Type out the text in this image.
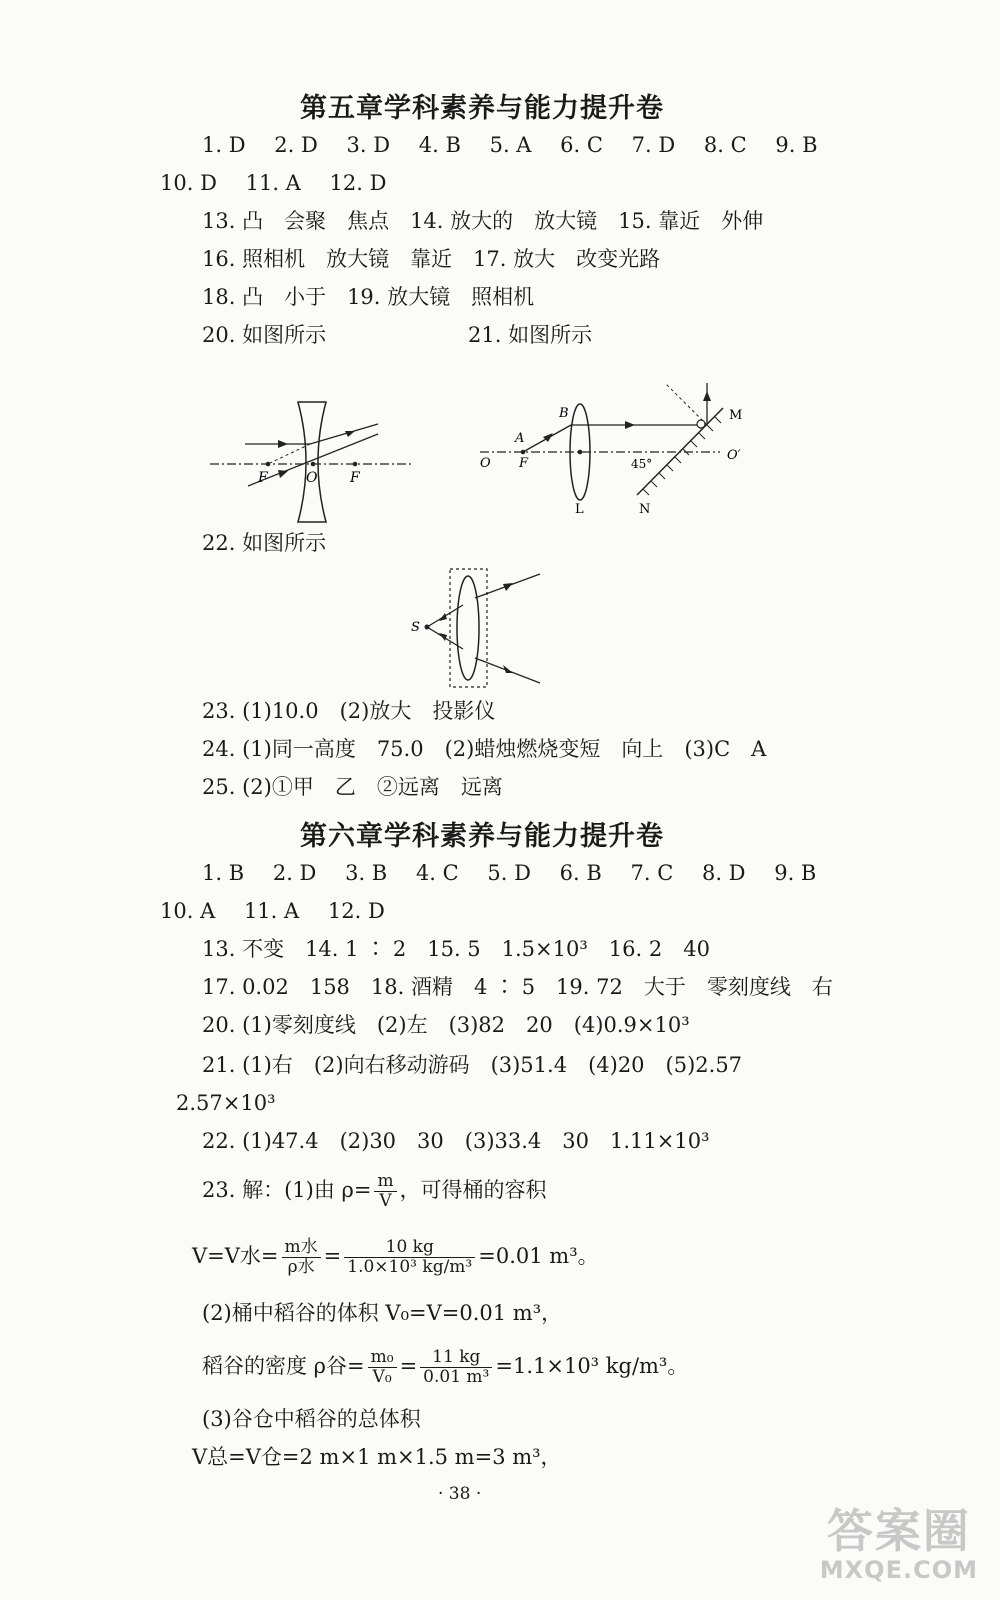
第五章学科素养与能力提升卷
1. D 2. D 3. D 4. B 5. A 6. C 7. D 8. C 9. B
10. D 11. A 12. D
13. 凸　会聚　焦点　14. 放大的　放大镜　15. 靠近　外伸
16. 照相机　放大镜　靠近　17. 放大　改变光路
18. 凸　小于　19. 放大镜　照相机
20. 如图所示	21. 如图所示
F	O F
B
A
O F
L	N
M
O′
45°
22. 如图所示
S
23. (1)10.0　(2)放大　投影仪
24. (1)同一高度　75.0　(2)蜡烛燃烧变短　向上　(3)C　A
25. (2)①甲　乙　②远离　远离
第六章学科素养与能力提升卷
1. B 2. D 3. B 4. C 5. D 6. B 7. C 8. D 9. B
10. A 11. A 12. D
13. 不变　14. 1 ∶ 2　15. 5　1.5×10³　16. 2　40
17. 0.02　158　18. 酒精　4 ∶ 5　19. 72　大于　零刻度线　右
20. (1)零刻度线　(2)左　(3)82　20　(4)0.9×10³
21. (1)右　(2)向右移动游码　(3)51.4　(4)20　(5)2.57
2.57×10³
22. (1)47.4　(2)30　30　(3)33.4　30　1.11×10³
23. 解：(1)由 $\rho= \frac{m}{V}$ ，可得桶的容积
V=V水= $\frac{\text{m水}}{\text{ρ水}} = \frac{10 kg}{\text{1.0×10³ kg/m³}} =0.01$ m³。
(2)桶中稻谷的体积 V₀=V=0.01 m³，
稻谷的密度 ρ谷= $\frac{\text{m₀}}{\text{V₀}} = \frac{11 kg}{\text{0.01 m³}} =1.1\times 10^3$ kg/m³。
(3)谷仓中稻谷的总体积
V总=V仓=2 m×1 m×1.5 m=3 m³，
· 38 ·
答案圈
MXQE.COM
